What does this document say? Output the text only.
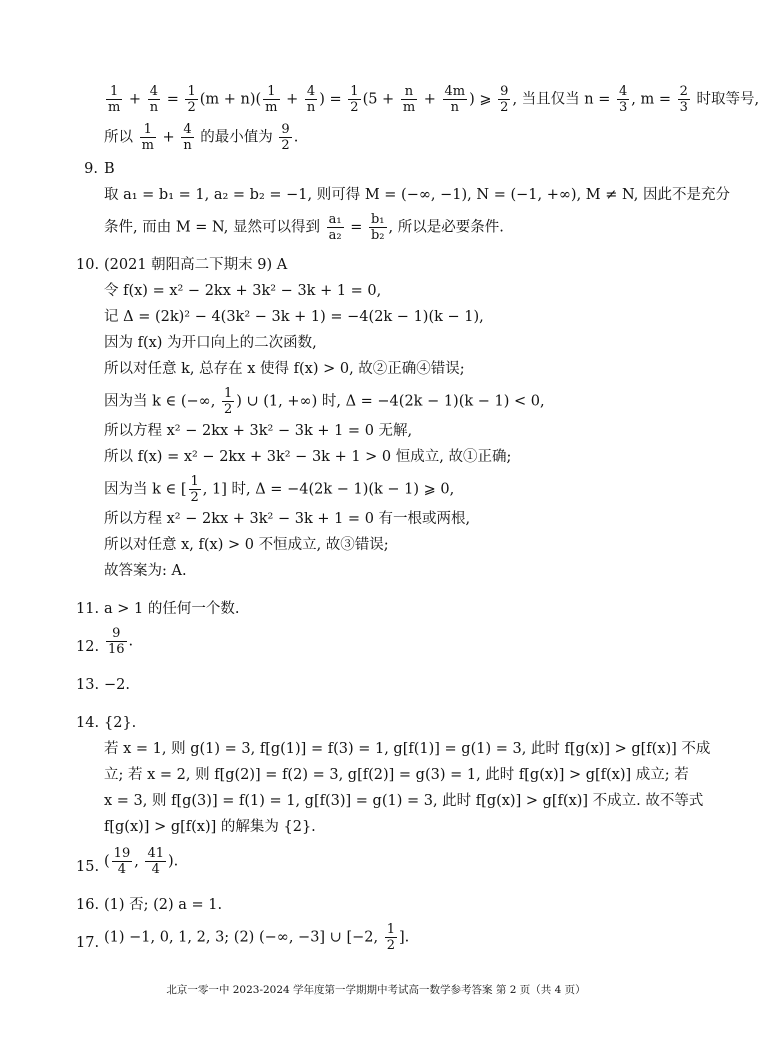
$\frac{1}{m} + \frac{4}{n} = \frac{1}{2} (m + n)( \frac{1}{m} + \frac{4}{n}$ ) = $\frac{1}{2} (5 + \frac{n}{m} + \frac{4m}{n}$ ) ⩾ $\frac{9}{2}$ , 当且仅当 $n = \frac{4}{3}$ , $m = \frac{2}{3}$ 时取等号,
所以 $\frac{1}{m} + \frac{4}{n}$ 的最小值为 $\frac{9}{2}$ .
9. B
取 a₁ = b₁ = 1, a₂ = b₂ = −1, 则可得 M = (−∞, −1), N = (−1, +∞), M ≠ N, 因此不是充分
条件, 而由 M = N, 显然可以得到 $\frac{\text{a₁}}{\text{a₂}} = \frac{\text{b₁}}{\text{b₂}}$ , 所以是必要条件.
10. (2021 朝阳高二下期末 9) A
令 f(x) = x² − 2kx + 3k² − 3k + 1 = 0,
记 Δ = (2k)² − 4(3k² − 3k + 1) = −4(2k − 1)(k − 1),
因为 f(x) 为开口向上的二次函数,
所以对任意 k, 总存在 x 使得 f(x) > 0, 故②正确④错误;
因为当 k ∈ (−∞, $\frac{1}{2}$ ) ∪ (1, +∞) 时, Δ = −4(2k − 1)(k − 1) < 0,
所以方程 x² − 2kx + 3k² − 3k + 1 = 0 无解,
所以 f(x) = x² − 2kx + 3k² − 3k + 1 > 0 恒成立, 故①正确;
因为当 k ∈ [ $\frac{1}{2}$ , 1] 时, Δ = −4(2k − 1)(k − 1) ⩾ 0,
所以方程 x² − 2kx + 3k² − 3k + 1 = 0 有一根或两根,
所以对任意 x, f(x) > 0 不恒成立, 故③错误;
故答案为: A.
11. a > 1 的任何一个数.
12. $\frac{9}{16}$ .
13. −2.
14. {2}.
若 x = 1, 则 g(1) = 3, f[g(1)] = f(3) = 1, g[f(1)] = g(1) = 3, 此时 f[g(x)] > g[f(x)] 不成
立; 若 x = 2, 则 f[g(2)] = f(2) = 3, g[f(2)] = g(3) = 1, 此时 f[g(x)] > g[f(x)] 成立; 若
x = 3, 则 f[g(3)] = f(1) = 1, g[f(3)] = g(1) = 3, 此时 f[g(x)] > g[f(x)] 不成立. 故不等式
f[g(x)] > g[f(x)] 的解集为 {2}.
15. ( $\frac{19}{4}$ , $\frac{41}{4}$ ).
16. (1) 否; (2) a = 1.
17. (1) −1, 0, 1, 2, 3; (2) (−∞, −3] ∪ [−2, $\frac{1}{2}$ ].
北京一零一中 2023-2024 学年度第一学期期中考试高一数学参考答案 第 2 页（共 4 页）
